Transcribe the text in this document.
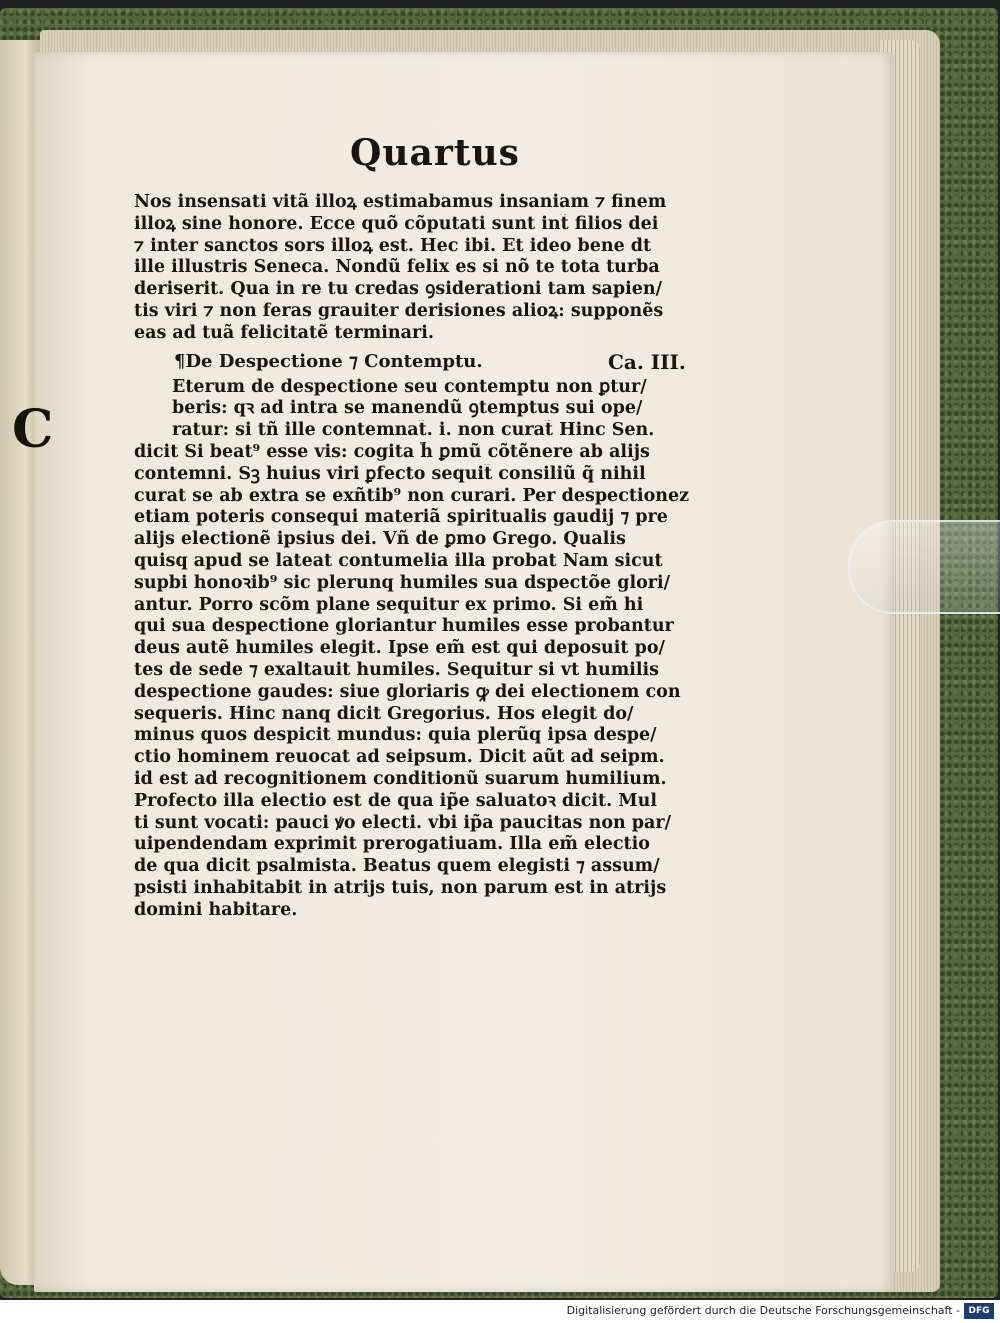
Quartus
Nos insensati vitã illoꝝ estimabamus insaniam ⁊ finem
illoꝝ sine honore. Ecce quõ cõputati sunt int̃ filios dei
⁊ inter sanctos sors illoꝝ est. Hec ibi. Et ideo bene dt
ille illustris Seneca. Nondũ felix es si nõ te tota turba
deriserit. Qua in re tu credas ꝯsiderationi tam sapien/
tis viri ⁊ non feras grauiter derisiones alioꝝ: supponẽs
eas ad tuã felicitatẽ terminari.
¶De Despectione ⁊ Contemptu.	Ca. III.
Eterum de despectione seu contemptu non ꝑtur/
beris: qꝛ ad intra se manendũ ꝯtemptus sui ope/
ratur: si tñ ille contemnat̃. i. non curat̃ Hinc Sen.
dicit Si beat⁹ esse vis: cogita h̃ ꝑmũ cõtẽnere ab alijs
contemni. Sꝫ huius viri ꝑfecto sequit̃ consiliũ q̃ nihil
curat se ab extra se exñtib⁹ non curari. Per despectionez
etiam poteris consequi materiã spiritualis gaudij ⁊ pre
alijs electionẽ ipsius dei. Vñ de ꝑmo Grego. Qualis
quisq apud se lateat contumelia illa probat Nam sicut
supbi honoꝛib⁹ sic plerunq humiles sua dspectõe glori/
antur. Porro scõm plane sequitur ex primo. Si em̃ hi
qui sua despectione gloriantur humiles esse probantur
deus autẽ humiles elegit. Ipse em̃ est qui deposuit po/
tes de sede ⁊ exaltauit humiles. Sequitur si vt humilis
despectione gaudes: siue gloriaris ꝙ dei electionem con
sequeris. Hinc nanq dicit Gregorius. Hos elegit do/
minus quos despicit mundus: quia plerũq ipsa despe/
ctio hominem reuocat ad seipsum. Dicit aũt ad seipm.
id est ad recognitionem conditionũ suarum humilium.
Profecto illa electio est de qua ip̃e saluatoꝛ dicit. Mul
ti sunt vocati: pauci ꝟo electi. vbi ip̃a paucitas non par/
uipendendam exprimit prerogatiuam. Illa em̃ electio
de qua dicit psalmista. Beatus quem elegisti ⁊ assum/
psisti inhabitabit in atrijs tuis, non parum est in atrijs
domini habitare.
C
Digitalisierung gefördert durch die Deutsche Forschungsgemeinschaft - DFG
